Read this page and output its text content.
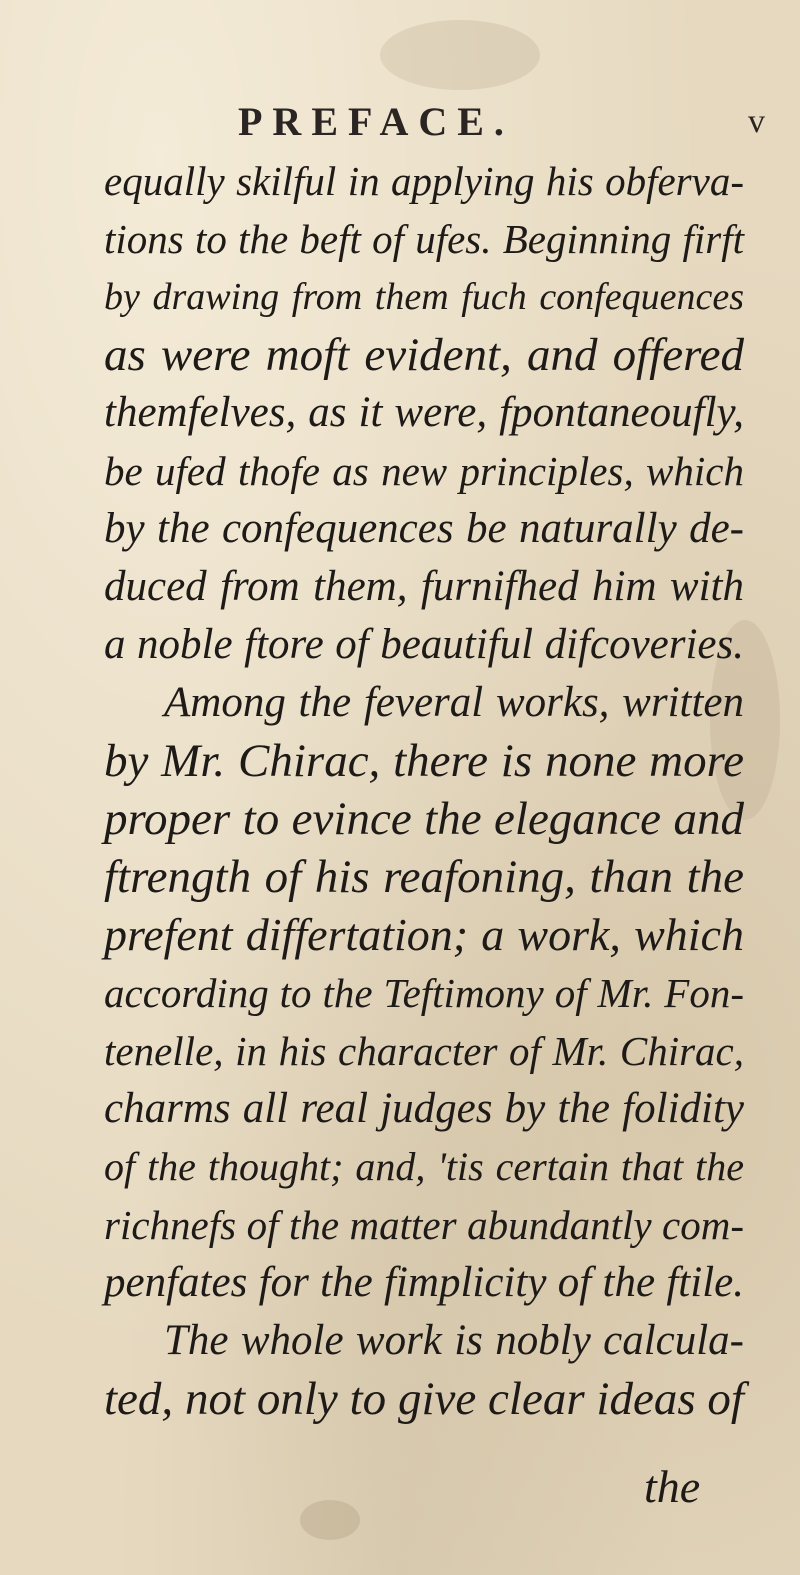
PREFACE.	v
equally skilful in applying his obferva-
tions to the beft of ufes. Beginning firft
by drawing from them fuch confequences
as were moft evident, and offered
themfelves, as it were, fpontaneoufly,
be ufed thofe as new principles, which
by the confequences be naturally de-
duced from them, furnifhed him with
a noble ftore of beautiful difcoveries.
Among the feveral works, written
by Mr. Chirac, there is none more
proper to evince the elegance and
ftrength of his reafoning, than the
prefent differtation; a work, which
according to the Teftimony of Mr. Fon-
tenelle, in his character of Mr. Chirac,
charms all real judges by the folidity
of the thought; and, 'tis certain that the
richnefs of the matter abundantly com-
penfates for the fimplicity of the ftile.
The whole work is nobly calcula-
ted, not only to give clear ideas of
the
